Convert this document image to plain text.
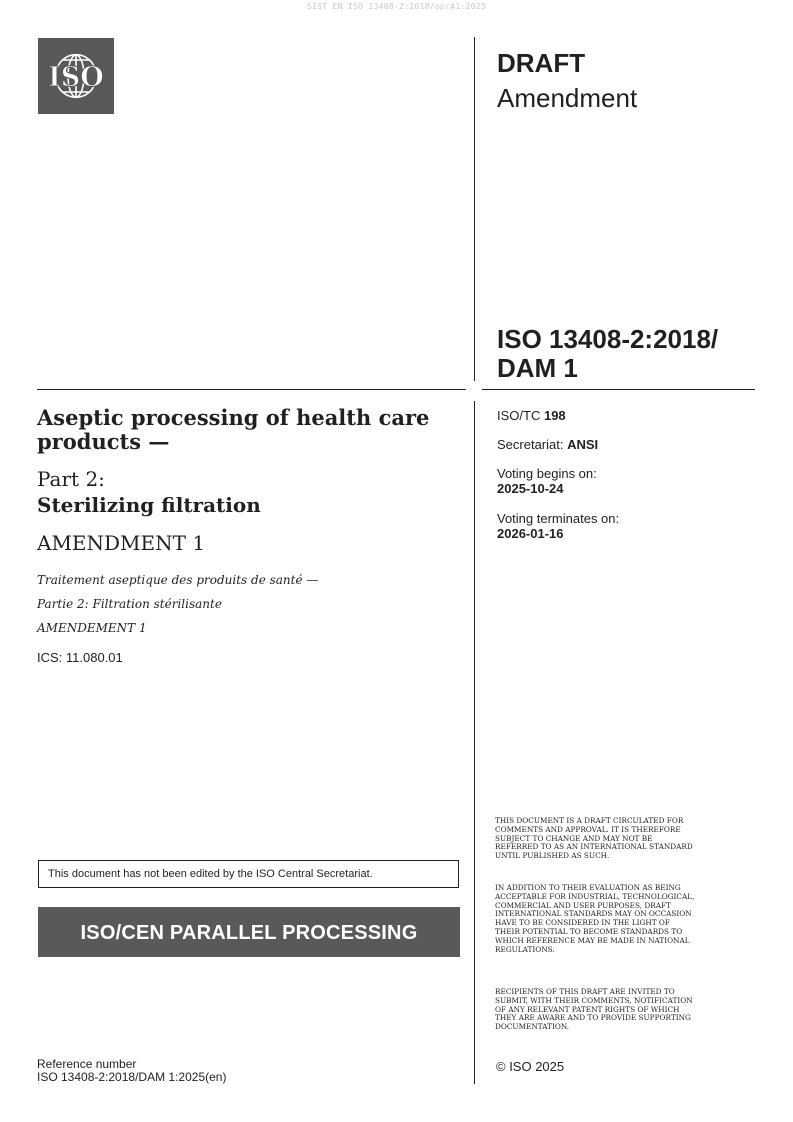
SIST EN ISO 13408-2:2018/oprA1:2025
ISO	DRAFT
Amendment
ISO 13408-2:2018/
DAM 1
Aseptic processing of health care products —
Part 2:
Sterilizing filtration
AMENDMENT 1
Traitement aseptique des produits de santé —
Partie 2: Filtration stérilisante
AMENDEMENT 1
ICS: 11.080.01
ISO/TC 198
Secretariat: ANSI
Voting begins on:
2025-10-24
Voting terminates on:
2026-01-16
This document has not been edited by the ISO Central Secretariat.
ISO/CEN PARALLEL PROCESSING
THIS DOCUMENT IS A DRAFT CIRCULATED FOR COMMENTS AND APPROVAL. IT IS THEREFORE SUBJECT TO CHANGE AND MAY NOT BE REFERRED TO AS AN INTERNATIONAL STANDARD UNTIL PUBLISHED AS SUCH.
IN ADDITION TO THEIR EVALUATION AS BEING ACCEPTABLE FOR INDUSTRIAL, TECHNOLOGICAL, COMMERCIAL AND USER PURPOSES, DRAFT INTERNATIONAL STANDARDS MAY ON OCCASION HAVE TO BE CONSIDERED IN THE LIGHT OF THEIR POTENTIAL TO BECOME STANDARDS TO WHICH REFERENCE MAY BE MADE IN NATIONAL REGULATIONS.
RECIPIENTS OF THIS DRAFT ARE INVITED TO SUBMIT, WITH THEIR COMMENTS, NOTIFICATION OF ANY RELEVANT PATENT RIGHTS OF WHICH THEY ARE AWARE AND TO PROVIDE SUPPORTING DOCUMENTATION.
© ISO 2025
Reference number
ISO 13408-2:2018/DAM 1:2025(en)
